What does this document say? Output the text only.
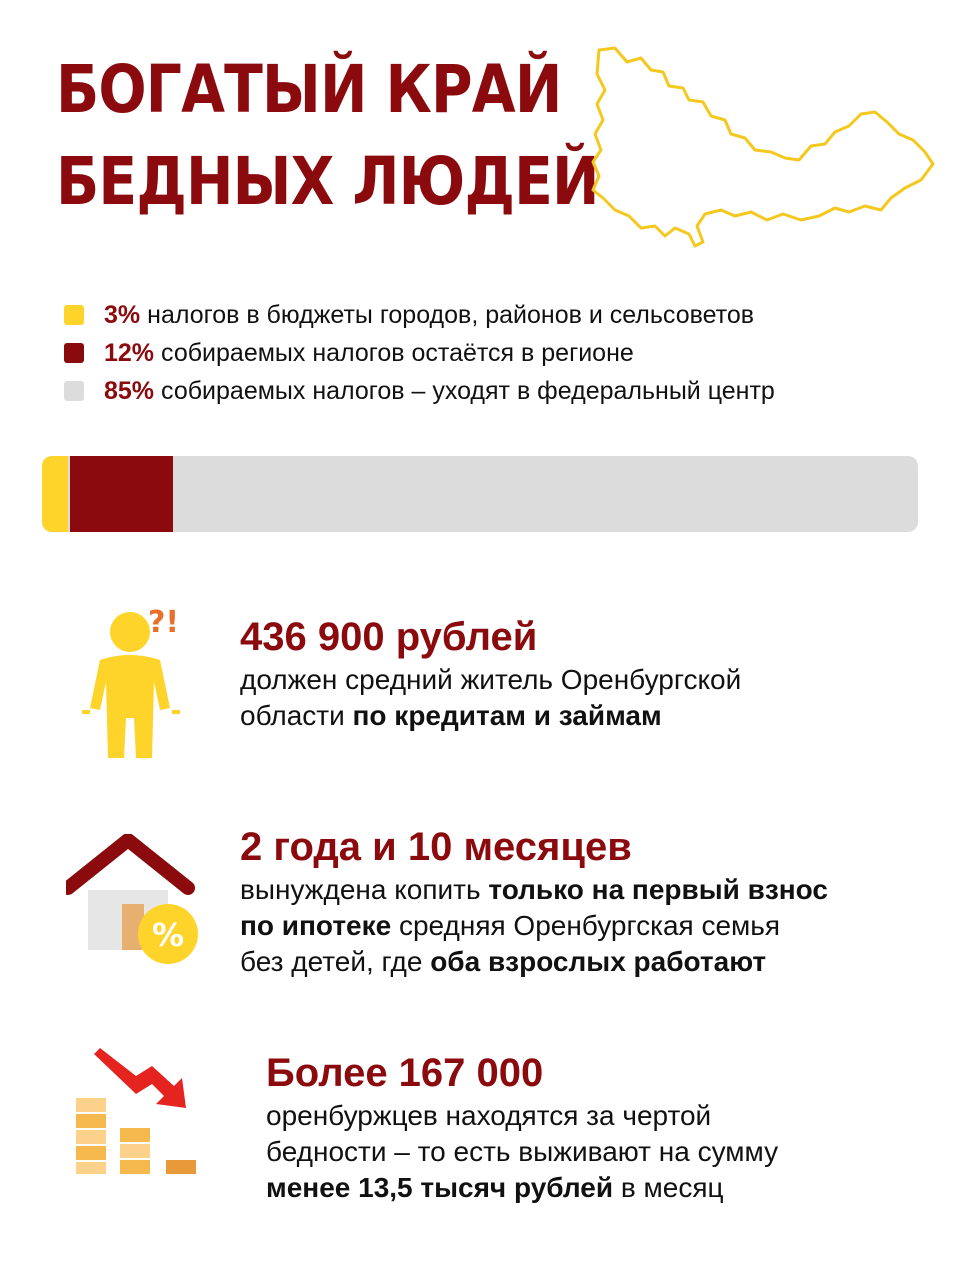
БОГАТЫЙ КРАЙ
БЕДНЫХ ЛЮДЕЙ
3% налогов в бюджеты городов, районов и сельсоветов
12% собираемых налогов остаётся в регионе
85% собираемых налогов – уходят в федеральный центр
?! 436 900 рублей
должен средний житель Оренбургской
области по кредитам и займам
%
2 года и 10 месяцев
вынуждена копить только на первый взнос
по ипотеке средняя Оренбургская семья
без детей, где оба взрослых работают
Более 167 000
оренбуржцев находятся за чертой
бедности – то есть выживают на сумму
менее 13,5 тысяч рублей в месяц
